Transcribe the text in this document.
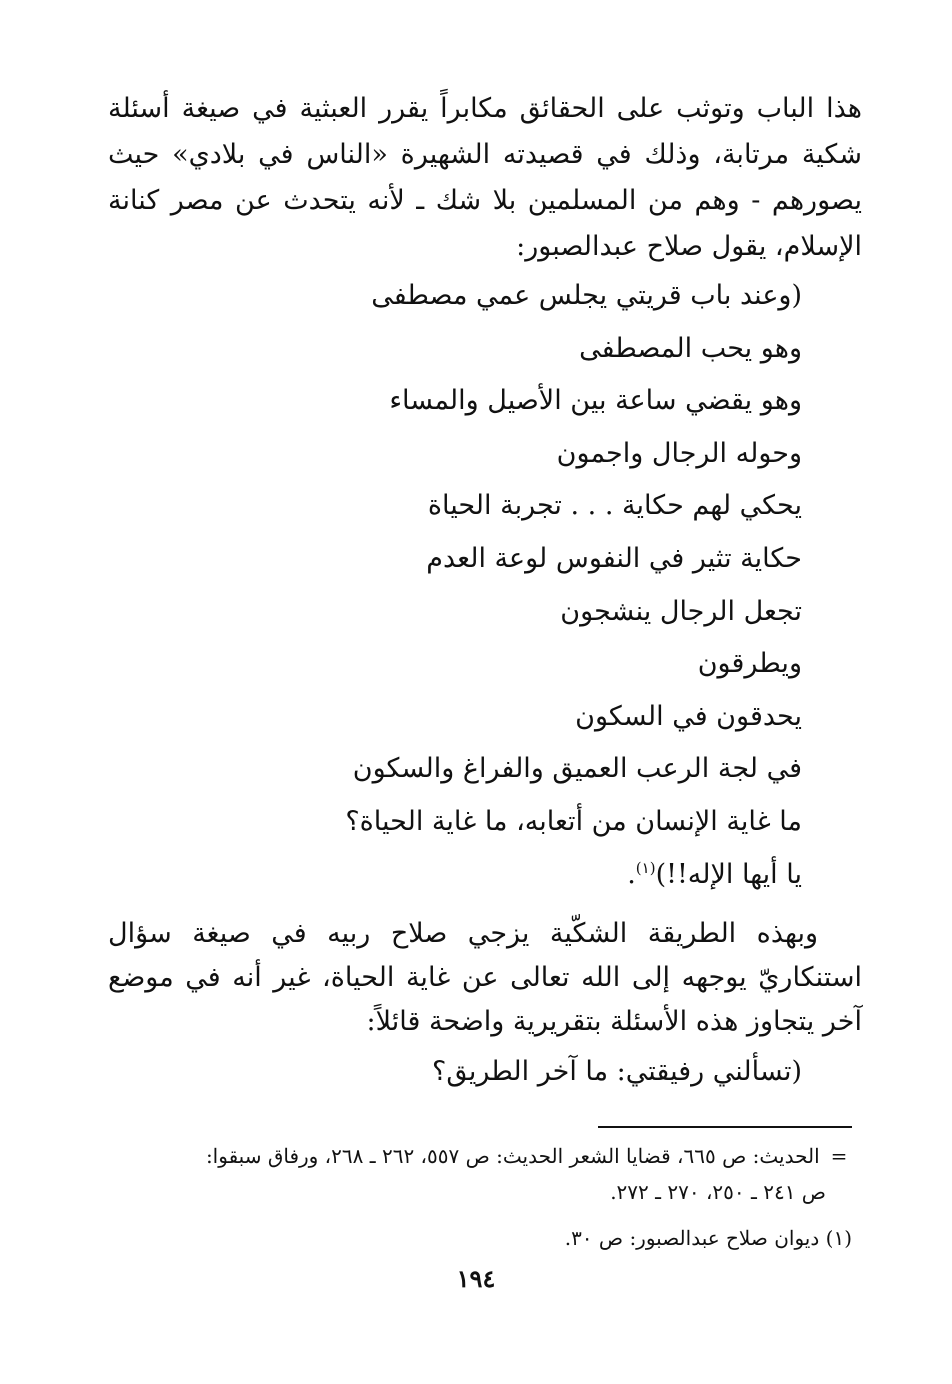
هذا الباب وتوثب على الحقائق مكابراً يقرر العبثية في صيغة أسئلة شكية مرتابة، وذلك في قصيدته الشهيرة «الناس في بلادي» حيث يصورهم - وهم من المسلمين بلا شك ـ لأنه يتحدث عن مصر كنانة الإسلام، يقول صلاح عبدالصبور:
(وعند باب قريتي يجلس عمي مصطفى
وهو يحب المصطفى
وهو يقضي ساعة بين الأصيل والمساء
وحوله الرجال واجمون
يحكي لهم حكاية . . . تجربة الحياة
حكاية تثير في النفوس لوعة العدم
تجعل الرجال ينشجون
ويطرقون
يحدقون في السكون
في لجة الرعب العميق والفراغ والسكون
ما غاية الإنسان من أتعابه، ما غاية الحياة؟
يا أيها الإله!!)$^{(١)}$.
وبهذه الطريقة الشكّية يزجي صلاح ربيه في صيغة سؤال استنكاريّ يوجهه إلى الله تعالى عن غاية الحياة، غير أنه في موضع آخر يتجاوز هذه الأسئلة بتقريرية واضحة قائلاً:
(تسألني رفيقتي: ما آخر الطريق؟
= الحديث: ص ٦٦٥، قضايا الشعر الحديث: ص ٥٥٧، ٢٦٢ ـ ٢٦٨، ورفاق سبقوا:
ص ٢٤١ ـ ٢٥٠، ٢٧٠ ـ ٢٧٢.
(١) ديوان صلاح عبدالصبور: ص ٣٠.
١٩٤
